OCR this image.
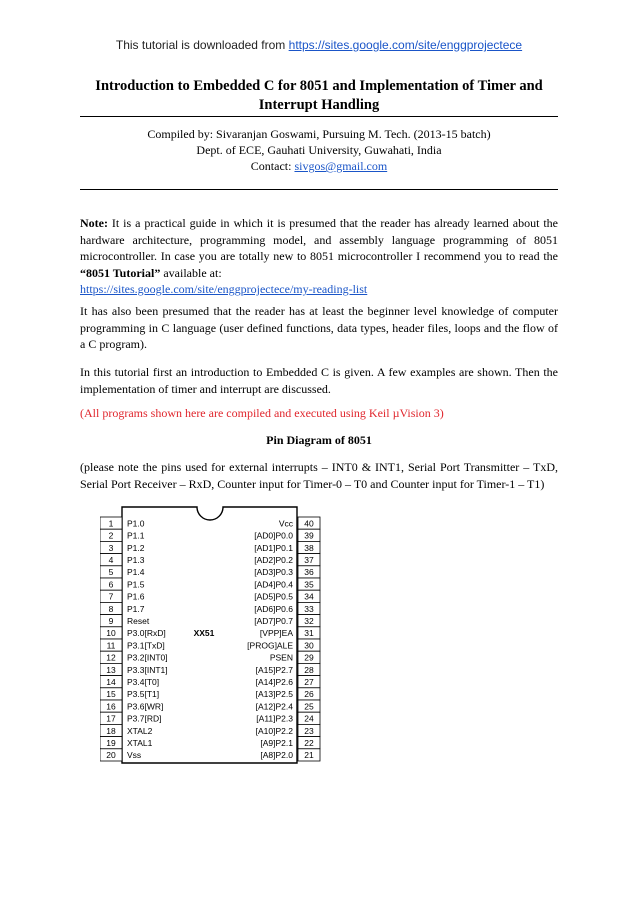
This tutorial is downloaded from https://sites.google.com/site/enggprojectece
Introduction to Embedded C for 8051 and Implementation of Timer and
Interrupt Handling
Compiled by: Sivaranjan Goswami, Pursuing M. Tech. (2013-15 batch)
Dept. of ECE, Gauhati University, Guwahati, India
Contact: sivgos@gmail.com
Note: It is a practical guide in which it is presumed that the reader has already learned about the hardware architecture, programming model, and assembly language programming of 8051 microcontroller. In case you are totally new to 8051 microcontroller I recommend you to read the “8051 Tutorial” available at:
https://sites.google.com/site/enggprojectece/my-reading-list
It has also been presumed that the reader has at least the beginner level knowledge of computer programming in C language (user defined functions, data types, header files, loops and the flow of a C program).
In this tutorial first an introduction to Embedded C is given. A few examples are shown. Then the implementation of timer and interrupt are discussed.
(All programs shown here are compiled and executed using Keil µVision 3)
Pin Diagram of 8051
(please note the pins used for external interrupts – INT0 & INT1, Serial Port Transmitter – TxD, Serial Port Receiver – RxD, Counter input for Timer-0 – T0 and Counter input for Timer-1 – T1)
1 P1.0
2 P1.1
3 P1.2
4 P1.3
5 P1.4
6 P1.5
7 P1.6
8 P1.7
9 Reset
10 P3.0[RxD]
11 P3.1[TxD]
12 P3.2[INT0]
13 P3.3[INT1]
14 P3.4[T0]
15 P3.5[T1]
16 P3.6[WR]
17 P3.7[RD]
18 XTAL2
19 XTAL1
20 Vss
40
Vcc
39
[AD0]P0.0
38
[AD1]P0.1
37
[AD2]P0.2
36
[AD3]P0.3
35
[AD4]P0.4
34
[AD5]P0.5
33
[AD6]P0.6
32
[AD7]P0.7
31
[VPP]EA
30
[PROG]ALE
29
PSEN
28
[A15]P2.7
27
[A14]P2.6
26
[A13]P2.5
25
[A12]P2.4
24
[A11]P2.3
23
[A10]P2.2
22
[A9]P2.1
21
[A8]P2.0
XX51
